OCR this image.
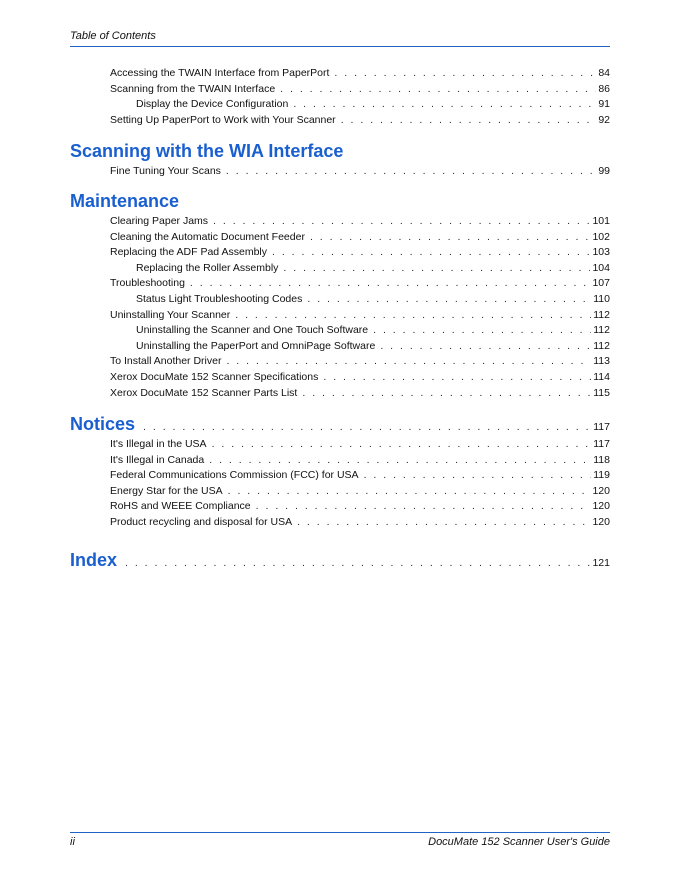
Table of Contents
Accessing the TWAIN Interface from PaperPort . . .	84
Scanning from the TWAIN Interface . . .	86
Display the Device Configuration . . .	91
Setting Up PaperPort to Work with Your Scanner . . .	92
Scanning with the WIA Interface
Fine Tuning Your Scans . . .	99
Maintenance
Clearing Paper Jams . . .	101
Cleaning the Automatic Document Feeder . . .	102
Replacing the ADF Pad Assembly . . .	103
Replacing the Roller Assembly . . .	104
Troubleshooting . . .	107
Status Light Troubleshooting Codes . . .	110
Uninstalling Your Scanner . . .	112
Uninstalling the Scanner and One Touch Software . . .	112
Uninstalling the PaperPort and OmniPage Software . . .	112
To Install Another Driver . . .	113
Xerox DocuMate 152 Scanner Specifications . . .	114
Xerox DocuMate 152 Scanner Parts List . . .	115
Notices . . .	117
It's Illegal in the USA . . .	117
It's Illegal in Canada . . .	118
Federal Communications Commission (FCC) for USA . . .	119
Energy Star for the USA . . .	120
RoHS and WEEE Compliance . . .	120
Product recycling and disposal for USA . . .	120
Index . . .	121
ii	DocuMate 152 Scanner User's Guide
